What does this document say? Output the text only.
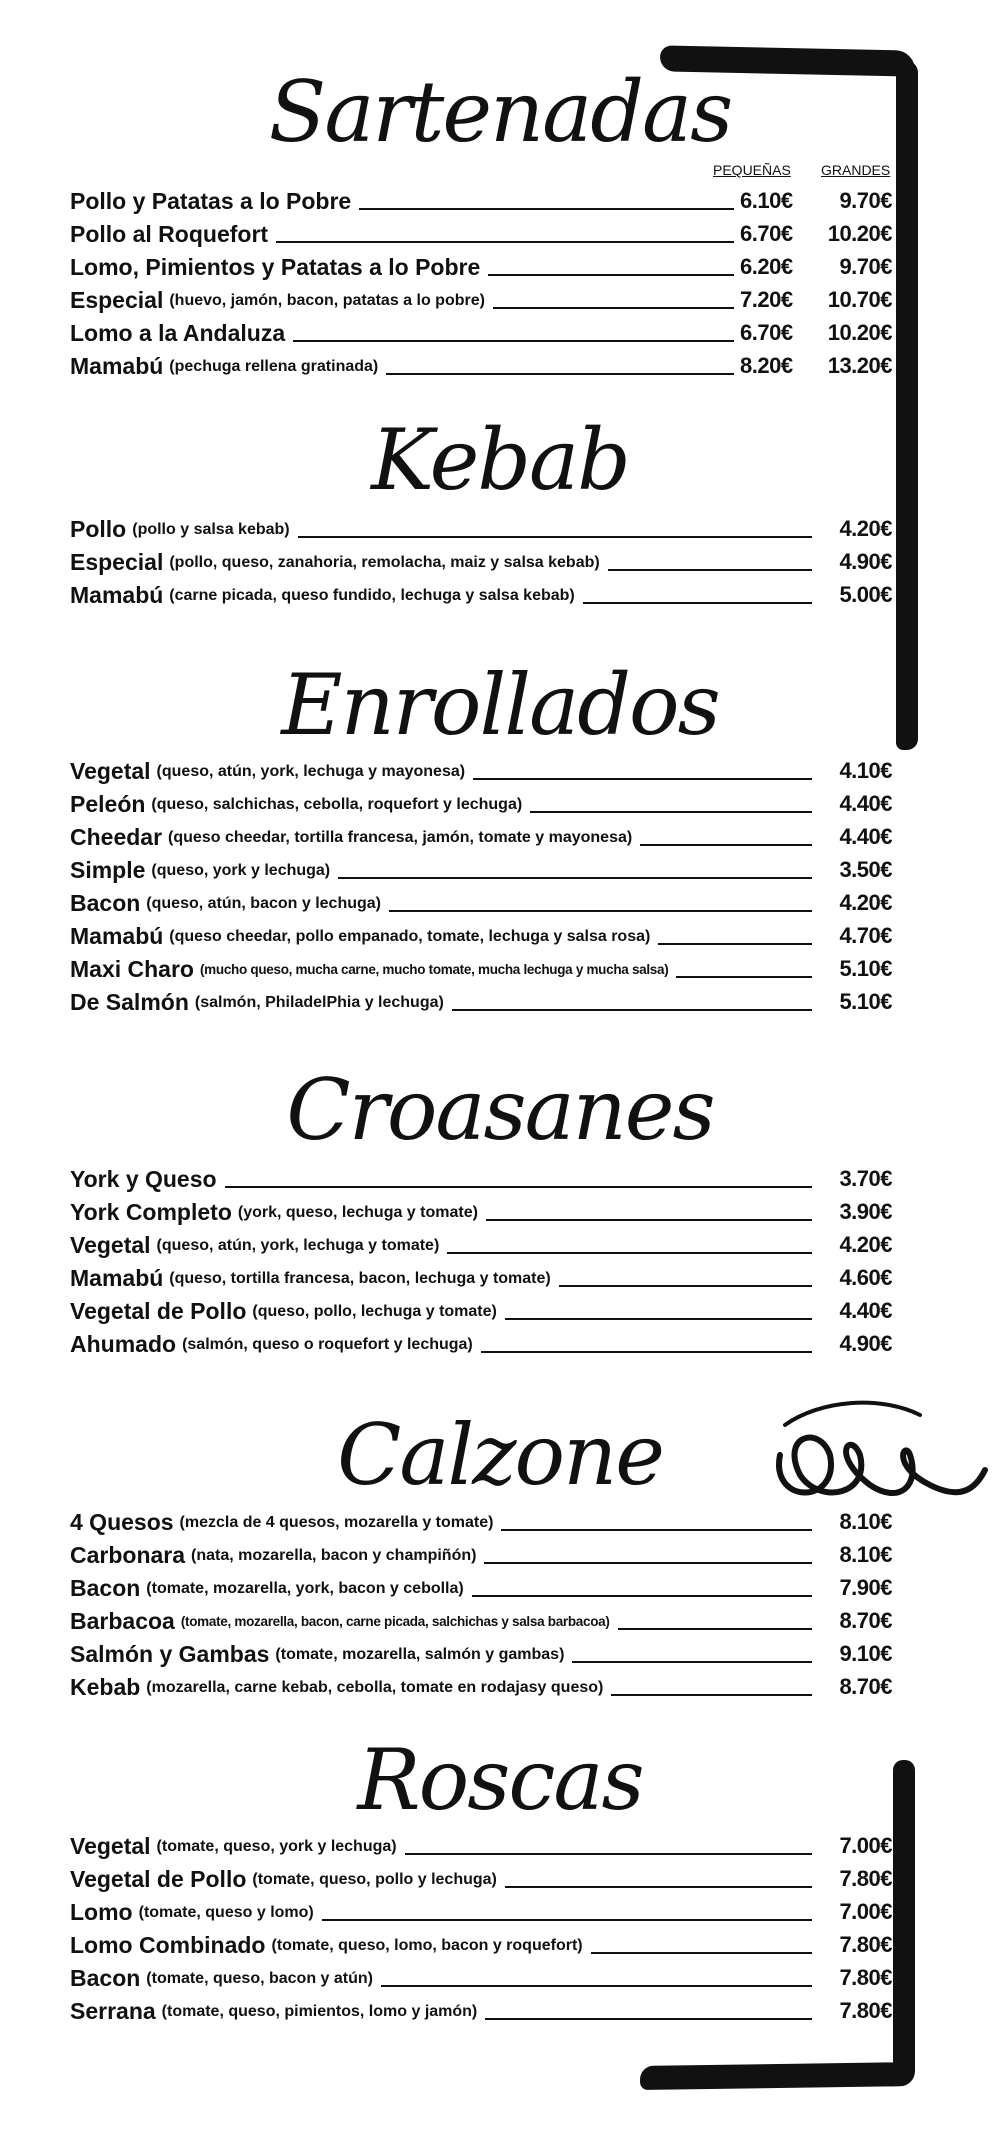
Sartenadas
PEQUEÑAS GRANDES
Pollo y Patatas a lo Pobre	6.10€	9.70€
Pollo al Roquefort	6.70€	10.20€
Lomo, Pimientos y Patatas a lo Pobre	6.20€	9.70€
Especial (huevo, jamón, bacon, patatas a lo pobre)	7.20€	10.70€
Lomo a la Andaluza	6.70€	10.20€
Mamabú (pechuga rellena gratinada)	8.20€	13.20€
Kebab
Pollo (pollo y salsa kebab)	4.20€
Especial (pollo, queso, zanahoria, remolacha, maiz y salsa kebab)	4.90€
Mamabú (carne picada, queso fundido, lechuga y salsa kebab)	5.00€
Enrollados
Vegetal (queso, atún, york, lechuga y mayonesa)	4.10€
Peleón (queso, salchichas, cebolla, roquefort y lechuga)	4.40€
Cheedar (queso cheedar, tortilla francesa, jamón, tomate y mayonesa)	4.40€
Simple (queso, york y lechuga)	3.50€
Bacon (queso, atún, bacon y lechuga)	4.20€
Mamabú (queso cheedar, pollo empanado, tomate, lechuga y salsa rosa)	4.70€
Maxi Charo (mucho queso, mucha carne, mucho tomate, mucha lechuga y mucha salsa)	5.10€
De Salmón (salmón, PhiladelPhia y lechuga)	5.10€
Croasanes
York y Queso	3.70€
York Completo (york, queso, lechuga y tomate)	3.90€
Vegetal (queso, atún, york, lechuga y tomate)	4.20€
Mamabú (queso, tortilla francesa, bacon, lechuga y tomate)	4.60€
Vegetal de Pollo (queso, pollo, lechuga y tomate)	4.40€
Ahumado (salmón, queso o roquefort y lechuga)	4.90€
Calzone
4 Quesos (mezcla de 4 quesos, mozarella y tomate)	8.10€
Carbonara (nata, mozarella, bacon y champiñón)	8.10€
Bacon (tomate, mozarella, york, bacon y cebolla)	7.90€
Barbacoa (tomate, mozarella, bacon, carne picada, salchichas y salsa barbacoa)	8.70€
Salmón y Gambas (tomate, mozarella, salmón y gambas)	9.10€
Kebab (mozarella, carne kebab, cebolla, tomate en rodajasy queso)	8.70€
Roscas
Vegetal (tomate, queso, york y lechuga)	7.00€
Vegetal de Pollo (tomate, queso, pollo y lechuga)	7.80€
Lomo (tomate, queso y lomo)	7.00€
Lomo Combinado (tomate, queso, lomo, bacon y roquefort)	7.80€
Bacon (tomate, queso, bacon y atún)	7.80€
Serrana (tomate, queso, pimientos, lomo y jamón)	7.80€
